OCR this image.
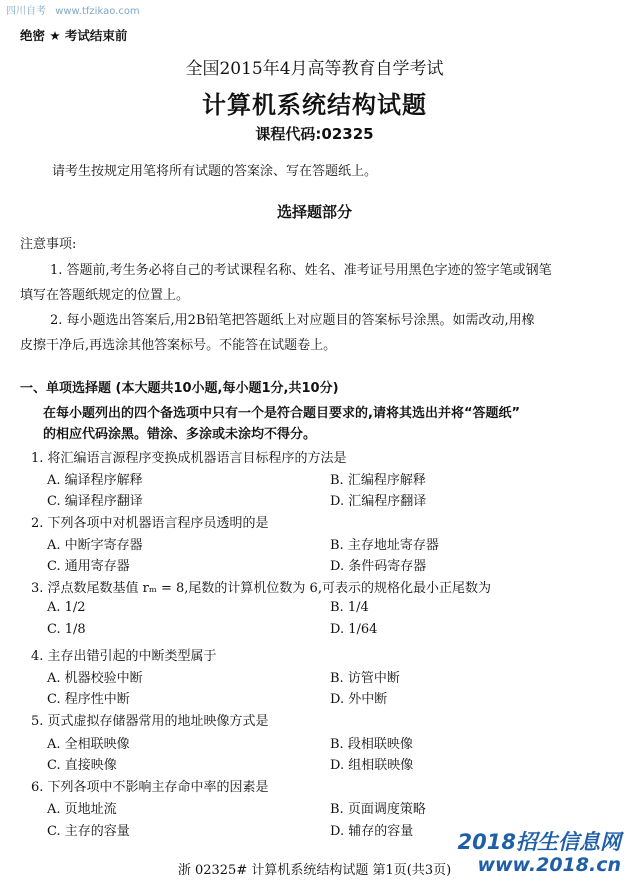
四川自考 www.tfzikao.com
绝密 ★ 考试结束前
全国2015年4月高等教育自学考试
计算机系统结构试题
课程代码:02325
请考生按规定用笔将所有试题的答案涂、写在答题纸上。
选择题部分
注意事项:
1. 答题前,考生务必将自己的考试课程名称、姓名、准考证号用黑色字迹的签字笔或钢笔
填写在答题纸规定的位置上。
2. 每小题选出答案后,用2B铅笔把答题纸上对应题目的答案标号涂黑。如需改动,用橡
皮擦干净后,再选涂其他答案标号。不能答在试题卷上。
一、单项选择题 (本大题共10小题,每小题1分,共10分)
在每小题列出的四个备选项中只有一个是符合题目要求的,请将其选出并将“答题纸”
的相应代码涂黑。错涂、多涂或未涂均不得分。
1. 将汇编语言源程序变换成机器语言目标程序的方法是
A. 编译程序解释	B. 汇编程序解释
C. 编译程序翻译	D. 汇编程序翻译
2. 下列各项中对机器语言程序员透明的是
A. 中断字寄存器	B. 主存地址寄存器
C. 通用寄存器	D. 条件码寄存器
3. 浮点数尾数基值 rₘ = 8,尾数的计算机位数为 6,可表示的规格化最小正尾数为
A. 1/2	B. 1/4
C. 1/8	D. 1/64
4. 主存出错引起的中断类型属于
A. 机器校验中断	B. 访管中断
C. 程序性中断	D. 外中断
5. 页式虚拟存储器常用的地址映像方式是
A. 全相联映像	B. 段相联映像
C. 直接映像	D. 组相联映像
6. 下列各项中不影响主存命中率的因素是
A. 页地址流	B. 页面调度策略
C. 主存的容量	D. 辅存的容量 2018招生信息网
www.2018.cn
浙 02325# 计算机系统结构试题 第1页(共3页)
